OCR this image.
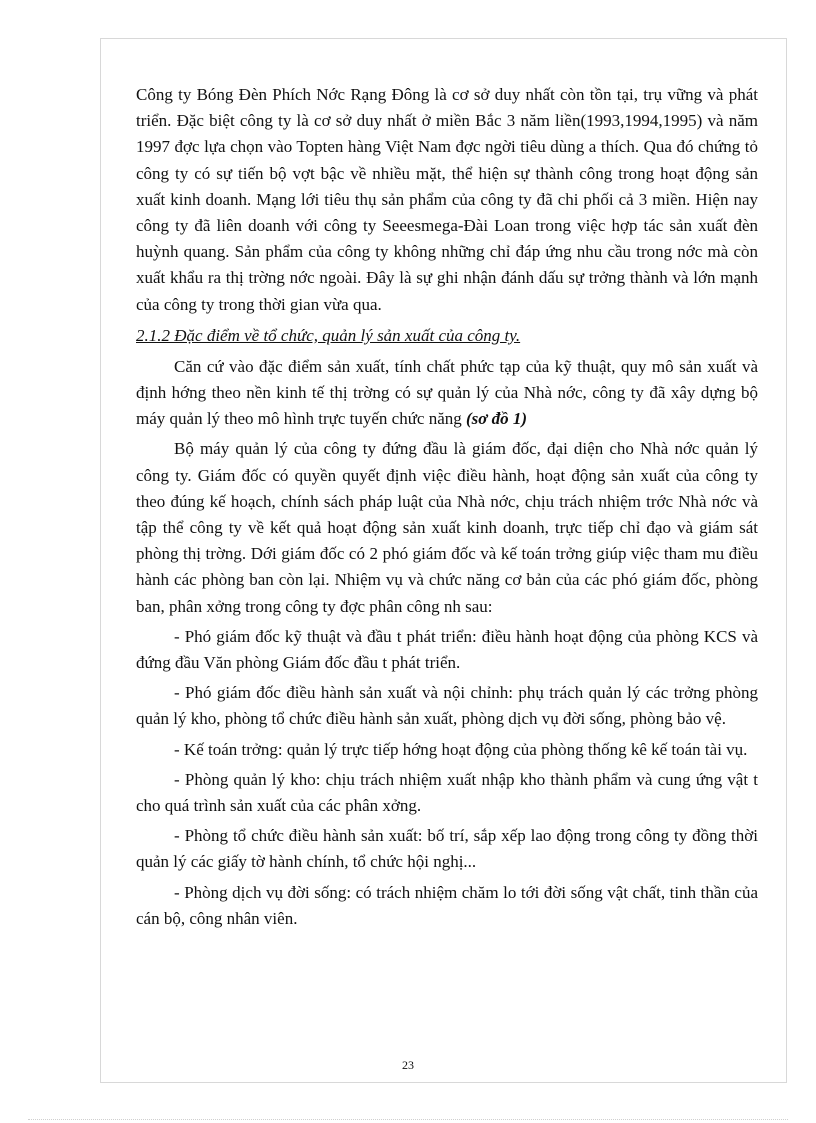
Công ty Bóng Đèn Phích Nớc Rạng Đông là cơ sở duy nhất còn tồn tại, trụ vững và phát triển. Đặc biệt công ty là cơ sở duy nhất ở miền Bắc 3 năm liền(1993,1994,1995) và năm 1997 đợc lựa chọn vào Topten hàng Việt Nam đợc ngời tiêu dùng a thích. Qua đó chứng tỏ công ty có sự tiến bộ vợt bậc về nhiều mặt, thể hiện sự thành công trong hoạt động sản xuất kinh doanh. Mạng lới tiêu thụ sản phẩm của công ty đã chi phối cả 3 miền. Hiện nay công ty đã liên doanh với công ty Seeesmega-Đài Loan trong việc hợp tác sản xuất đèn huỳnh quang. Sản phẩm của công ty không những chỉ đáp ứng nhu cầu trong nớc mà còn xuất khẩu ra thị trờng nớc ngoài. Đây là sự ghi nhận đánh dấu sự trởng thành và lớn mạnh của công ty trong thời gian vừa qua.

2.1.2 Đặc điểm về tổ chức, quản lý sản xuất của công ty.

Căn cứ vào đặc điểm sản xuất, tính chất phức tạp của kỹ thuật, quy mô sản xuất và định hớng theo nền kinh tế thị trờng có sự quản lý của Nhà nớc, công ty đã xây dựng bộ máy quản lý theo mô hình trực tuyến chức năng (sơ đồ 1)

Bộ máy quản lý của công ty đứng đầu là giám đốc, đại diện cho Nhà nớc quản lý công ty. Giám đốc có quyền quyết định việc điều hành, hoạt động sản xuất của công ty theo đúng kế hoạch, chính sách pháp luật của Nhà nớc, chịu trách nhiệm trớc Nhà nớc và tập thể công ty về kết quả hoạt động sản xuất kinh doanh, trực tiếp chỉ đạo và giám sát phòng thị trờng. Dới giám đốc có 2 phó giám đốc và kế toán trởng giúp việc tham mu điều hành các phòng ban còn lại. Nhiệm vụ và chức năng cơ bản của các phó giám đốc, phòng ban, phân xởng trong công ty đợc phân công nh sau:

- Phó giám đốc kỹ thuật và đầu t phát triển: điều hành hoạt động của phòng KCS và đứng đầu Văn phòng Giám đốc đầu t phát triển.

- Phó giám đốc điều hành sản xuất và nội chỉnh: phụ trách quản lý các trởng phòng quản lý kho, phòng tổ chức điều hành sản xuất, phòng dịch vụ đời sống, phòng bảo vệ.

- Kế toán trởng: quản lý trực tiếp hớng hoạt động của phòng thống kê kế toán tài vụ.

- Phòng quản lý kho: chịu trách nhiệm xuất nhập kho thành phẩm và cung ứng vật t cho quá trình sản xuất của các phân xởng.

- Phòng tổ chức điều hành sản xuất: bố trí, sắp xếp lao động trong công ty đồng thời quản lý các giấy tờ hành chính, tổ chức hội nghị...

- Phòng dịch vụ đời sống: có trách nhiệm chăm lo tới đời sống vật chất, tinh thần của cán bộ, công nhân viên.

23
